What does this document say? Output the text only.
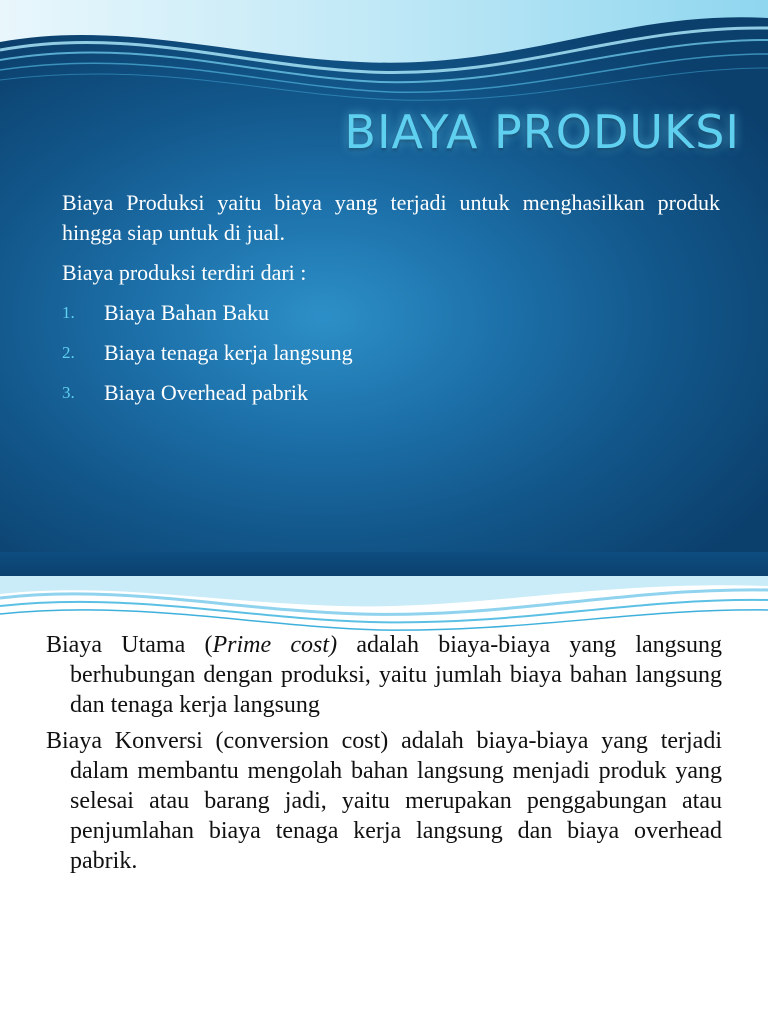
BIAYA PRODUKSI

Biaya Produksi yaitu biaya yang terjadi untuk menghasilkan produk hingga siap untuk di jual.

Biaya produksi terdiri dari :

1. Biaya Bahan Baku
2. Biaya tenaga kerja langsung
3. Biaya Overhead pabrik

Biaya Utama (Prime cost) adalah biaya-biaya yang langsung berhubungan dengan produksi, yaitu jumlah biaya bahan langsung dan tenaga kerja langsung

Biaya Konversi (conversion cost) adalah biaya-biaya yang terjadi dalam membantu mengolah bahan langsung menjadi produk yang selesai atau barang jadi, yaitu merupakan penggabungan atau penjumlahan biaya tenaga kerja langsung dan biaya overhead pabrik.
